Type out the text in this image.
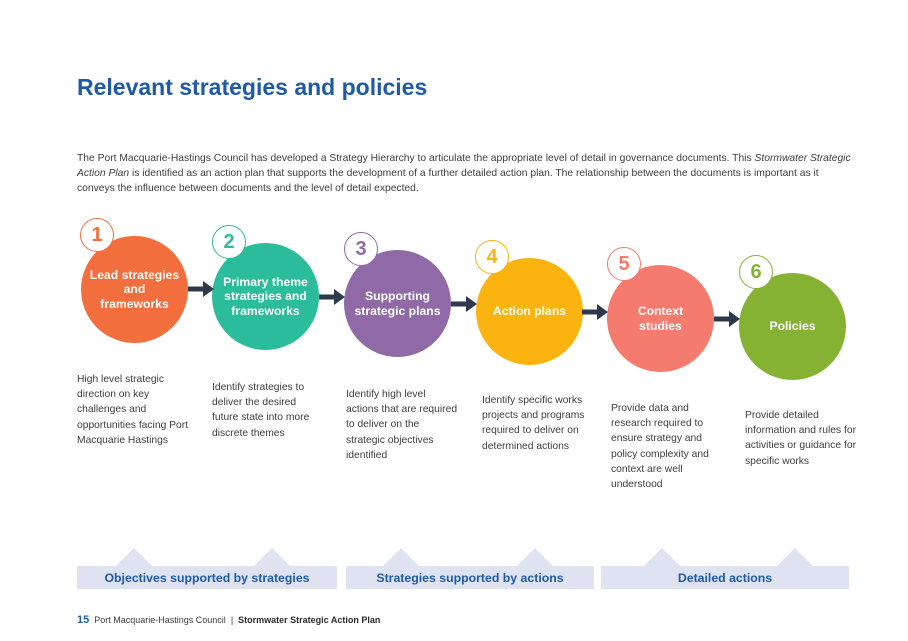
Relevant strategies and policies

The Port Macquarie-Hastings Council has developed a Strategy Hierarchy to articulate the appropriate level of detail in governance documents. This Stormwater Strategic Action Plan is identified as an action plan that supports the development of a further detailed action plan. The relationship between the documents is important as it conveys the influence between documents and the level of detail expected.

Lead strategies and frameworks
1
Primary theme strategies and frameworks
2
Supporting strategic plans
3
Action plans
4
Context studies
5
Policies
6
High level strategic direction on key challenges and opportunities facing Port Macquarie Hastings
Identify strategies to deliver the desired future state into more discrete themes
Identify high level actions that are required to deliver on the strategic objectives identified
Identify specific works projects and programs required to deliver on determined actions
Provide data and research required to ensure strategy and policy complexity and context are well understood
Provide detailed information and rules for activities or guidance for specific works
Objectives supported by strategies	Strategies supported by actions	Detailed actions
15 Port Macquarie-Hastings Council | Stormwater Strategic Action Plan
